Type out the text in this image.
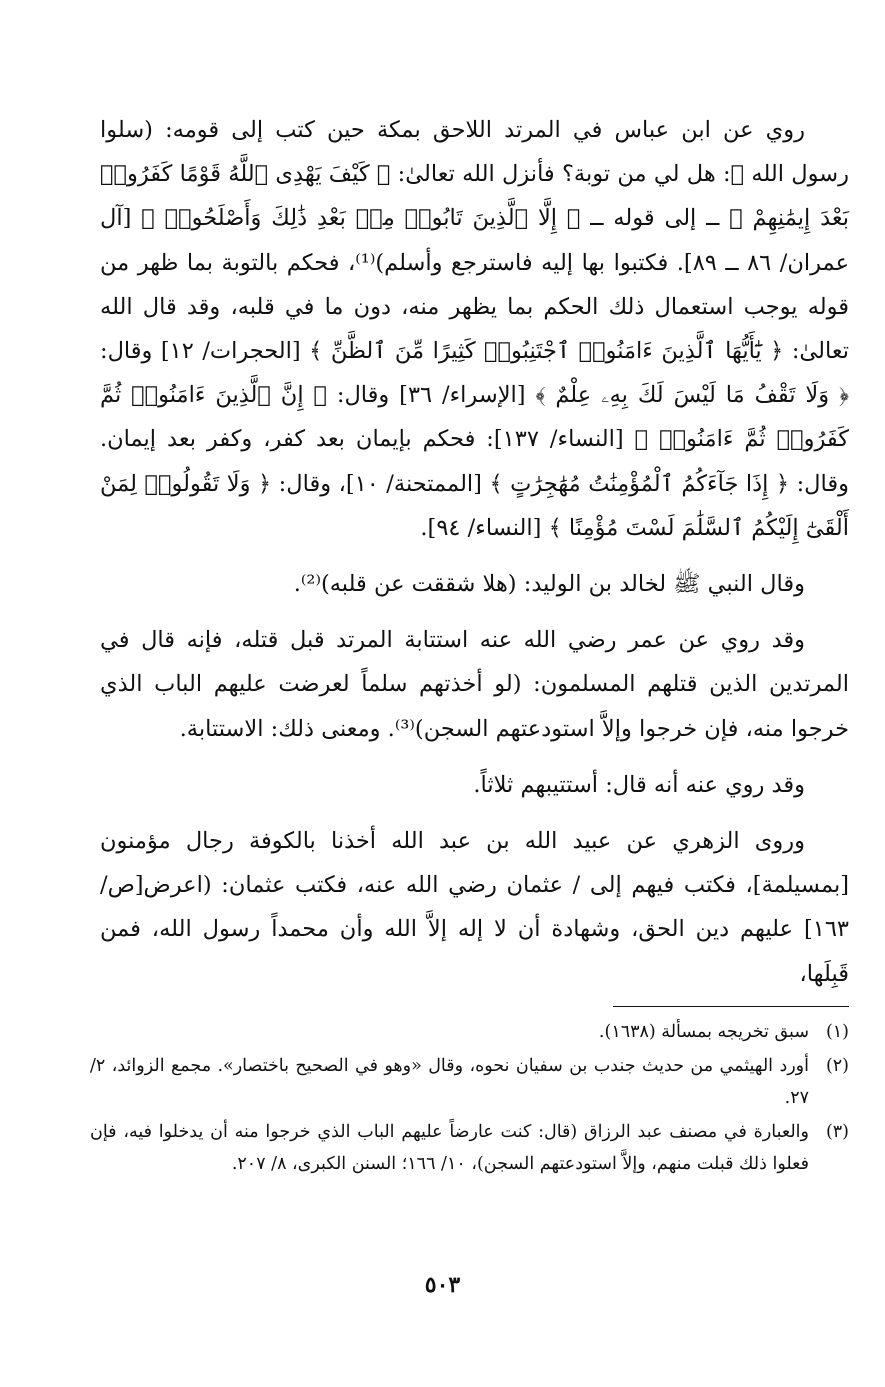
روي عن ابن عباس في المرتد اللاحق بمكة حين كتب إلى قومه: (سلوا رسول الله ﷺ: هل لي من توبة؟ فأنزل الله تعالىٰ: ﴿ كَيْفَ يَهْدِى ٱللَّهُ قَوْمًا كَفَرُوا۟ بَعْدَ إِيمَٰنِهِمْ ﴾ ــ إلى قوله ــ ﴿ إِلَّا ٱلَّذِينَ تَابُوا۟ مِنۢ بَعْدِ ذَٰلِكَ وَأَصْلَحُوا۟ ﴾ [آل عمران/ ٨٦ ــ ٨٩]. فكتبوا بها إليه فاسترجع وأسلم)⁽¹⁾، فحكم بالتوبة بما ظهر من قوله يوجب استعمال ذلك الحكم بما يظهر منه، دون ما في قلبه، وقد قال الله تعالىٰ: ﴿ يَٰٓأَيُّهَا ٱلَّذِينَ ءَامَنُوا۟ ٱجْتَنِبُوا۟ كَثِيرًا مِّنَ ٱلظَّنِّ ﴾ [الحجرات/ ١٢] وقال: ﴿ وَلَا تَقْفُ مَا لَيْسَ لَكَ بِهِۦ عِلْمٌ ﴾ [الإسراء/ ٣٦] وقال: ﴿ إِنَّ ٱلَّذِينَ ءَامَنُوا۟ ثُمَّ كَفَرُوا۟ ثُمَّ ءَامَنُوا۟ ﴾ [النساء/ ١٣٧]: فحكم بإيمان بعد كفر، وكفر بعد إيمان. وقال: ﴿ إِذَا جَآءَكُمُ ٱلْمُؤْمِنَٰتُ مُهَٰجِرَٰتٍ ﴾ [الممتحنة/ ١٠]، وقال: ﴿ وَلَا تَقُولُوا۟ لِمَنْ أَلْقَىٰٓ إِلَيْكُمُ ٱلسَّلَٰمَ لَسْتَ مُؤْمِنًا ﴾ [النساء/ ٩٤].

وقال النبي ﷺ لخالد بن الوليد: (هلا شققت عن قلبه)⁽²⁾.

وقد روي عن عمر رضي الله عنه استتابة المرتد قبل قتله، فإنه قال في المرتدين الذين قتلهم المسلمون: (لو أخذتهم سلماً لعرضت عليهم الباب الذي خرجوا منه، فإن خرجوا وإلاَّ استودعتهم السجن)⁽³⁾. ومعنى ذلك: الاستتابة.

وقد روي عنه أنه قال: أستتيبهم ثلاثاً.

وروى الزهري عن عبيد الله بن عبد الله أخذنا بالكوفة رجال مؤمنون [بمسيلمة]، فكتب فيهم إلى / عثمان رضي الله عنه، فكتب عثمان: (اعرض[ص/١٦٣] عليهم دين الحق، وشهادة أن لا إله إلاَّ الله وأن محمداً رسول الله، فمن قَبِلَها،

(١)
سبق تخريجه بمسألة (١٦٣٨).
(٢)
أورد الهيثمي من حديث جندب بن سفيان نحوه، وقال «وهو في الصحيح باختصار». مجمع الزوائد، ٢/ ٢٧.
(٣)
والعبارة في مصنف عبد الرزاق (قال: كنت عارضاً عليهم الباب الذي خرجوا منه أن يدخلوا فيه، فإن فعلوا ذلك قبلت منهم، وإلاَّ استودعتهم السجن)، ١٠/ ١٦٦؛ السنن الكبرى، ٨/ ٢٠٧.
٥٠٣
